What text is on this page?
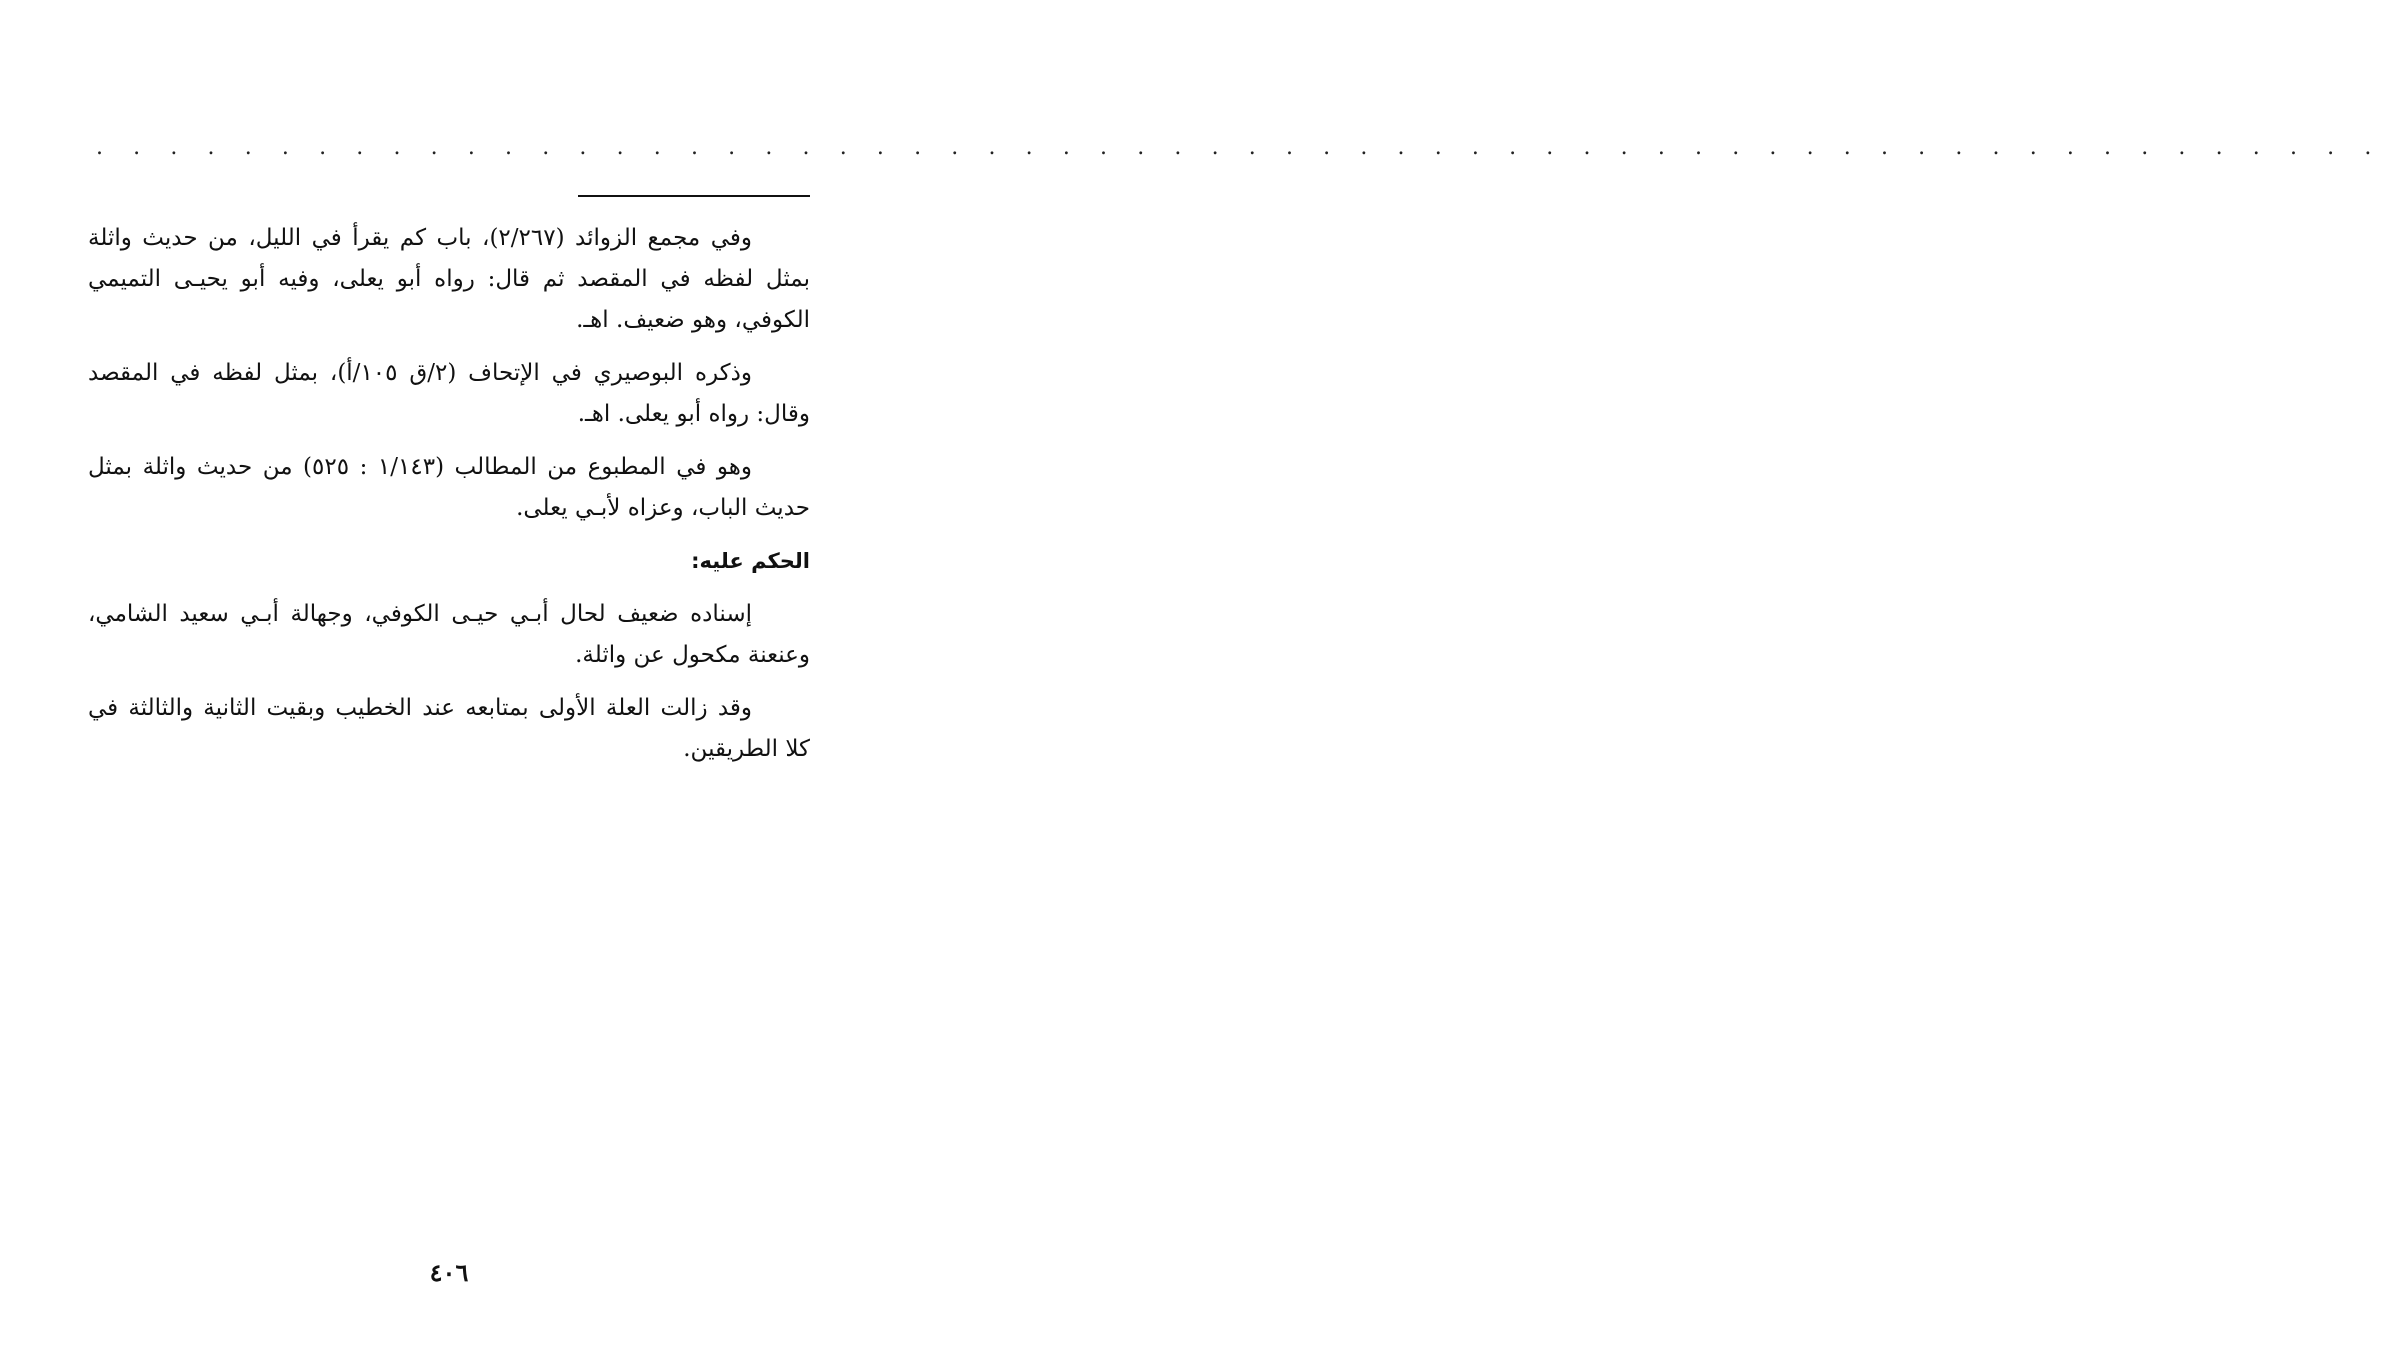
. . . . . . . . . . . . . . . . . . . . . . . . . . . . . . . . . . . . . . . . . . . . . . . . . . . . . . . . . . . . . .

وفي مجمع الزوائد (٢/٢٦٧)، باب كم يقرأ في الليل، من حديث واثلة بمثل لفظه في المقصد ثم قال: رواه أبو يعلى، وفيه أبو يحيـى التميمي الكوفي، وهو ضعيف. اهـ.

وذكره البوصيري في الإتحاف (٢/ق ١٠٥/أ)، بمثل لفظه في المقصد وقال: رواه أبو يعلى. اهـ.

وهو في المطبوع من المطالب (١/١٤٣ : ٥٢٥) من حديث واثلة بمثل حديث الباب، وعزاه لأبـي يعلى.

الحكم عليه:

إسناده ضعيف لحال أبـي حيـى الكوفي، وجهالة أبـي سعيد الشامي، وعنعنة مكحول عن واثلة.

وقد زالت العلة الأولى بمتابعه عند الخطيب وبقيت الثانية والثالثة في كلا الطريقين.

٤٠٦
